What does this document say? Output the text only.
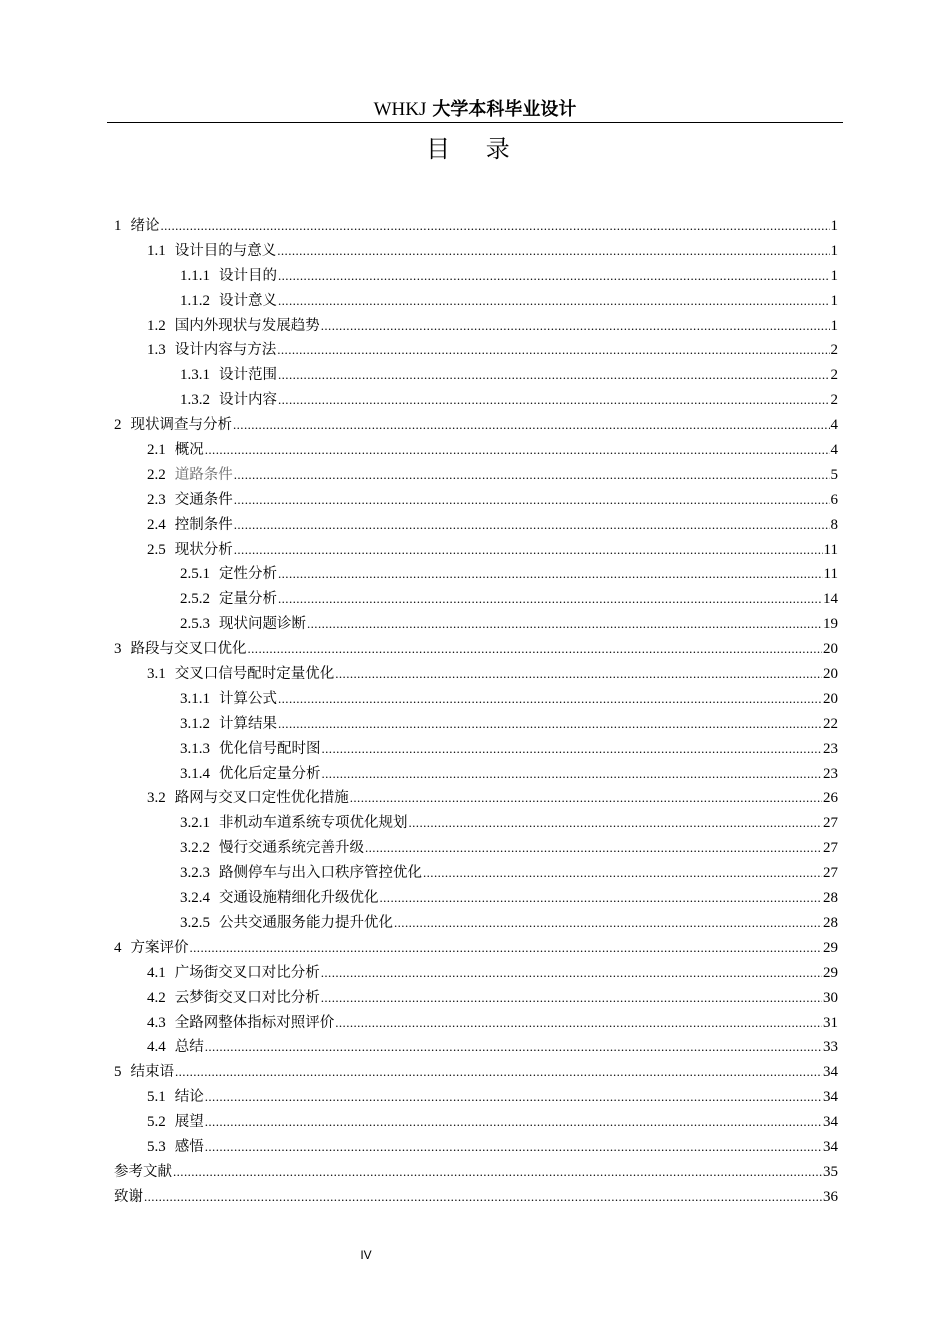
WHKJ 大学本科毕业设计
目 录
1 绪论 .....	1
1.1 设计目的与意义 .....	1
1.1.1 设计目的 .....	1
1.1.2 设计意义 .....	1
1.2 国内外现状与发展趋势 .....	1
1.3 设计内容与方法 .....	2
1.3.1 设计范围 .....	2
1.3.2 设计内容 .....	2
2 现状调查与分析 .....	4
2.1 概况 .....	4
2.2 道路条件 .....	5
2.3 交通条件 .....	6
2.4 控制条件 .....	8
2.5 现状分析 .....	11
2.5.1 定性分析 .....	11
2.5.2 定量分析 .....	14
2.5.3 现状问题诊断 .....	19
3 路段与交叉口优化 .....	20
3.1 交叉口信号配时定量优化 .....	20
3.1.1 计算公式 .....	20
3.1.2 计算结果 .....	22
3.1.3 优化信号配时图 .....	23
3.1.4 优化后定量分析 .....	23
3.2 路网与交叉口定性优化措施 .....	26
3.2.1 非机动车道系统专项优化规划 .....	27
3.2.2 慢行交通系统完善升级 .....	27
3.2.3 路侧停车与出入口秩序管控优化 .....	27
3.2.4 交通设施精细化升级优化 .....	28
3.2.5 公共交通服务能力提升优化 .....	28
4 方案评价 .....	29
4.1 广场街交叉口对比分析 .....	29
4.2 云梦街交叉口对比分析 .....	30
4.3 全路网整体指标对照评价 .....	31
4.4 总结 .....	33
5 结束语 .....	34
5.1 结论 .....	34
5.2 展望 .....	34
5.3 感悟 .....	34
参考文献 .....	35
致谢 .....	36
IV
